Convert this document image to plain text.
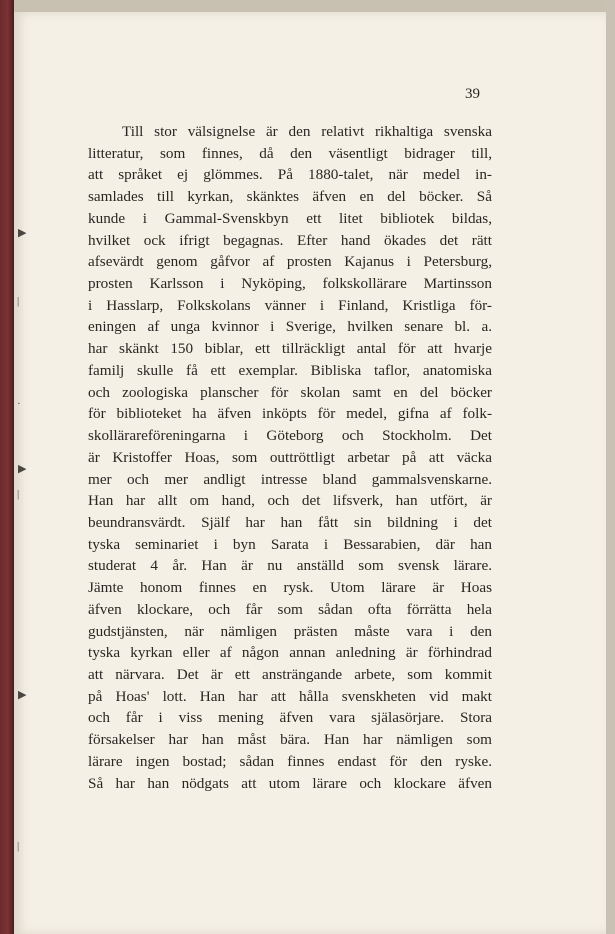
▶
|
·
▶
|
▶
|
39
Till stor välsignelse är den relativt rikhaltiga svenska
litteratur, som finnes, då den väsentligt bidrager till,
att språket ej glömmes. På 1880-talet, när medel in-
samlades till kyrkan, skänktes äfven en del böcker. Så
kunde i Gammal-Svenskbyn ett litet bibliotek bildas,
hvilket ock ifrigt begagnas. Efter hand ökades det rätt
afsevärdt genom gåfvor af prosten Kajanus i Petersburg,
prosten Karlsson i Nyköping, folkskollärare Martinsson
i Hasslarp, Folkskolans vänner i Finland, Kristliga för-
eningen af unga kvinnor i Sverige, hvilken senare bl. a.
har skänkt 150 biblar, ett tillräckligt antal för att hvarje
familj skulle få ett exemplar. Bibliska taflor, anatomiska
och zoologiska planscher för skolan samt en del böcker
för biblioteket ha äfven inköpts för medel, gifna af folk-
skollärareföreningarna i Göteborg och Stockholm. Det
är Kristoffer Hoas, som outtröttligt arbetar på att väcka
mer och mer andligt intresse bland gammalsvenskarne.
Han har allt om hand, och det lifsverk, han utfört, är
beundransvärdt. Själf har han fått sin bildning i det
tyska seminariet i byn Sarata i Bessarabien, där han
studerat 4 år. Han är nu anställd som svensk lärare.
Jämte honom finnes en rysk. Utom lärare är Hoas
äfven klockare, och får som sådan ofta förrätta hela
gudstjänsten, när nämligen prästen måste vara i den
tyska kyrkan eller af någon annan anledning är förhindrad
att närvara. Det är ett ansträngande arbete, som kommit
på Hoas' lott. Han har att hålla svenskheten vid makt
och får i viss mening äfven vara själasörjare. Stora
försakelser har han måst bära. Han har nämligen som
lärare ingen bostad; sådan finnes endast för den ryske.
Så har han nödgats att utom lärare och klockare äfven
